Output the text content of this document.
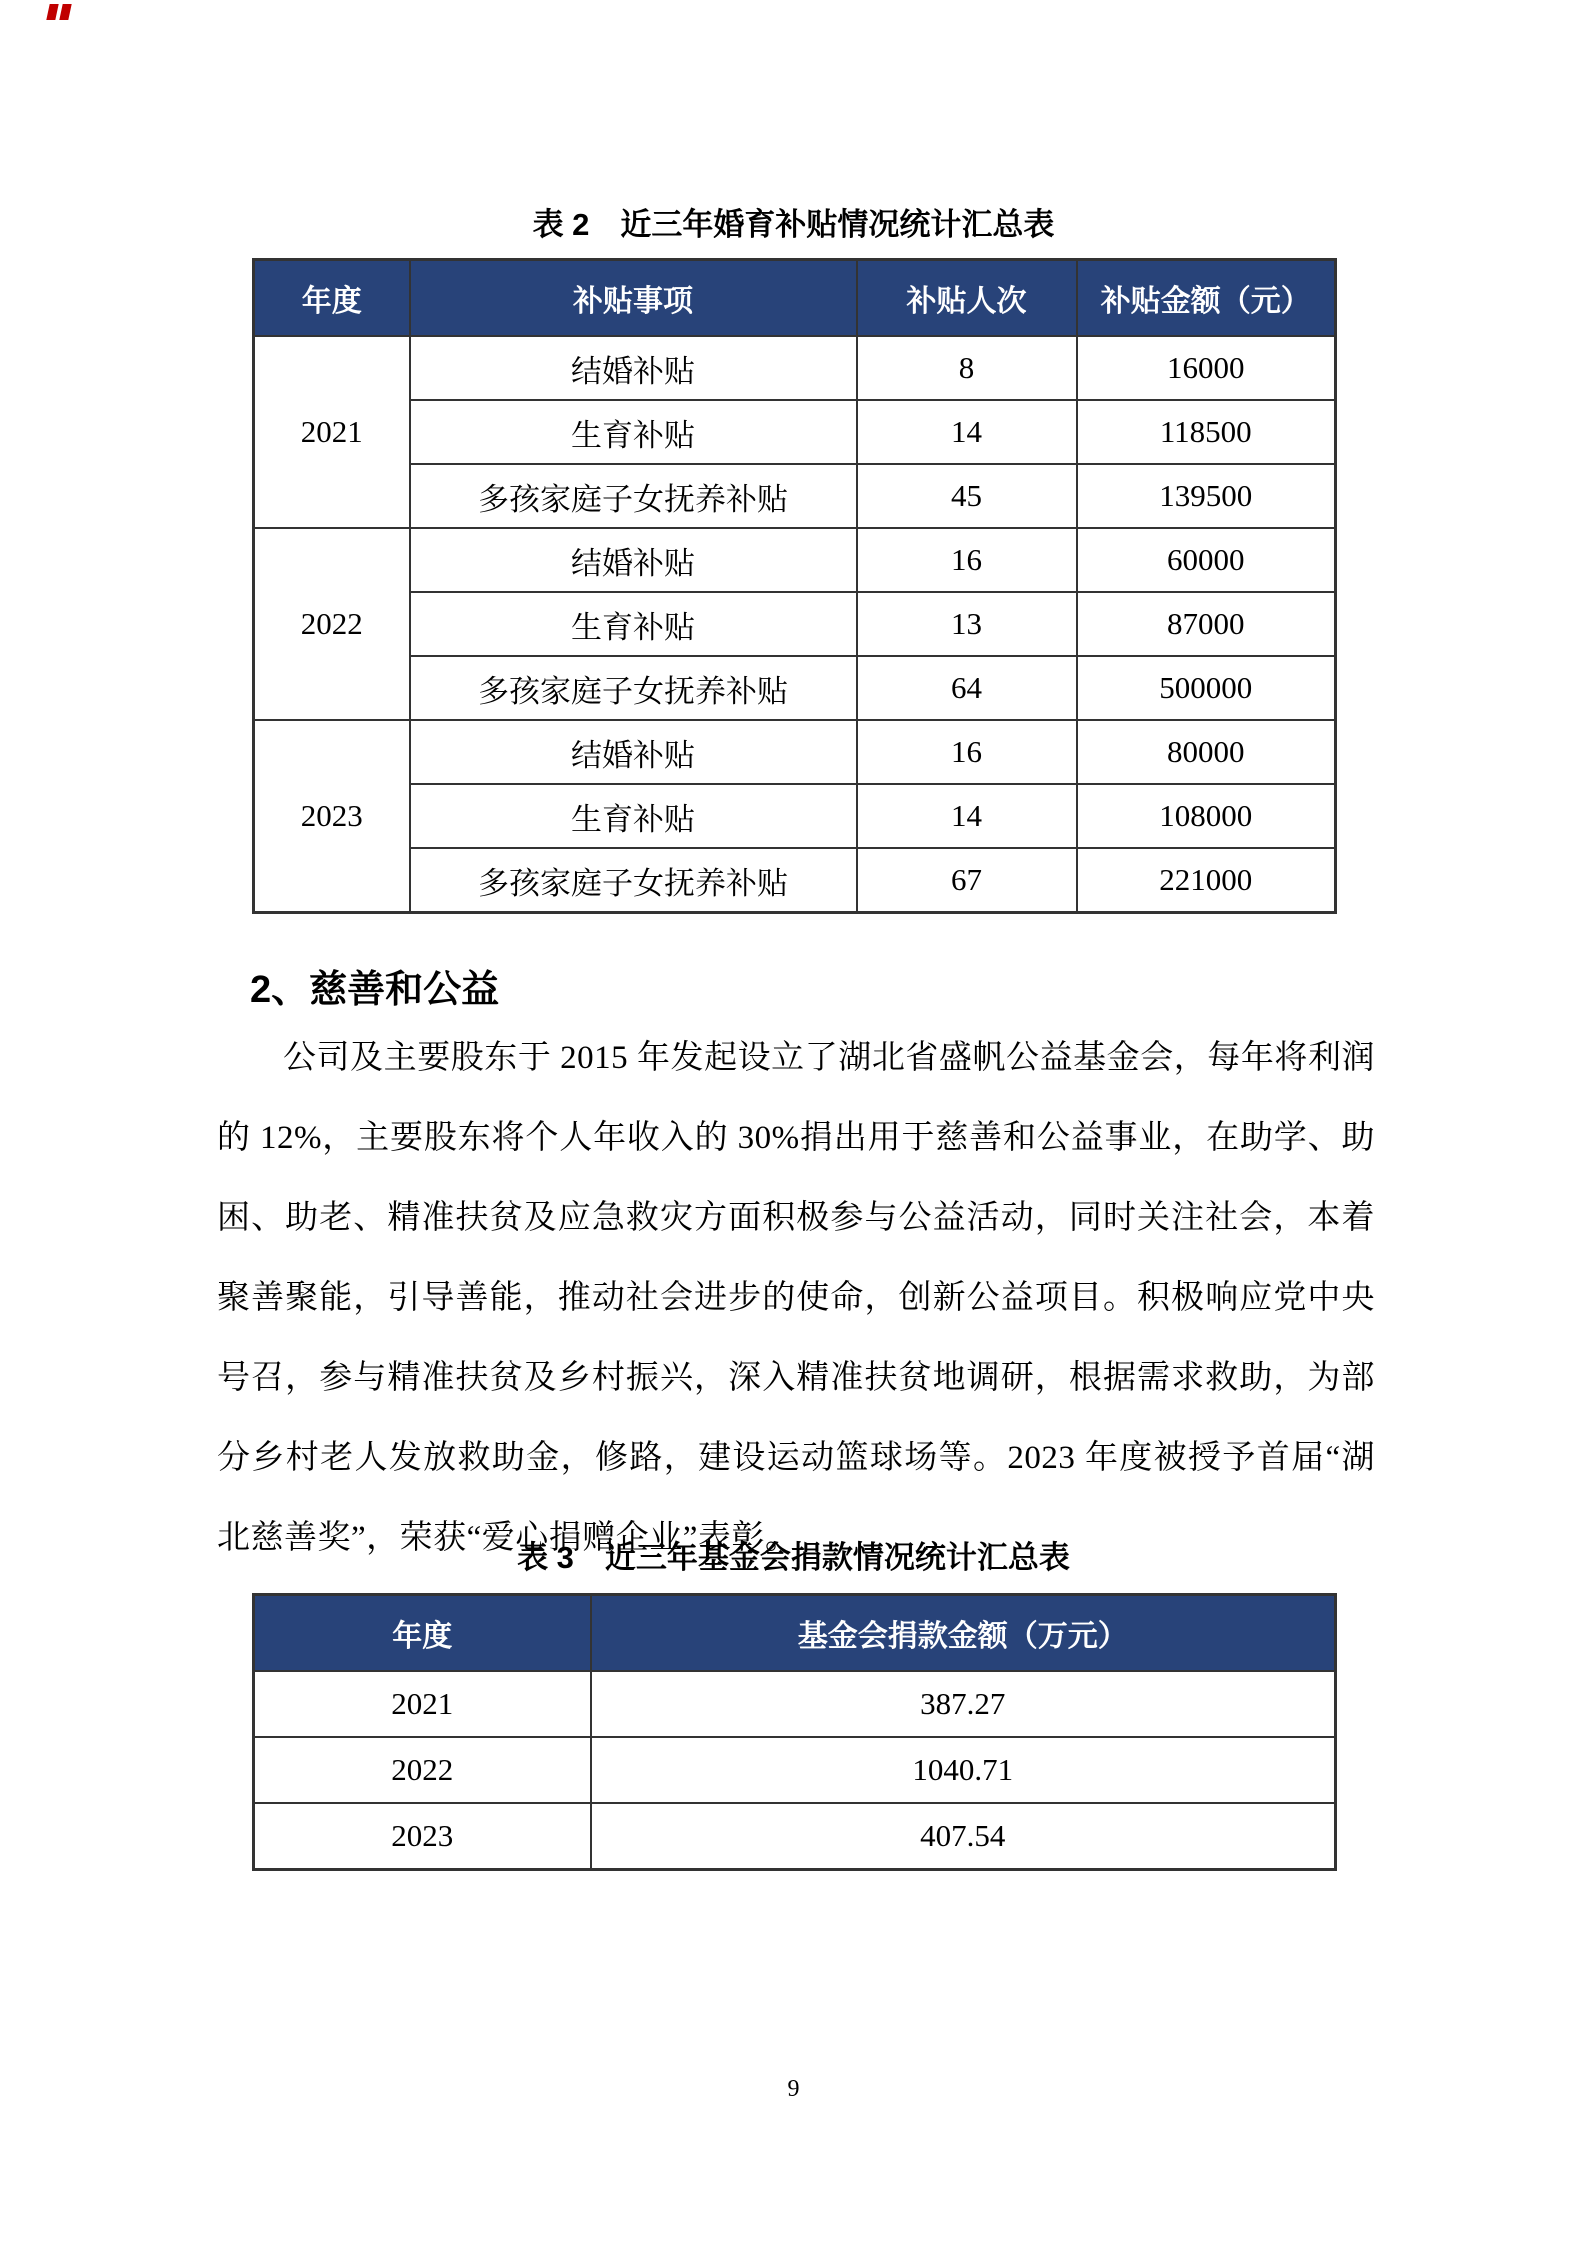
表 2　近三年婚育补贴情况统计汇总表
年度	补贴事项	补贴人次	补贴金额（元）
2021	结婚补贴	8	16000
	生育补贴	14	118500
	多孩家庭子女抚养补贴	45	139500
2022	结婚补贴	16	60000
	生育补贴	13	87000
	多孩家庭子女抚养补贴	64	500000
2023	结婚补贴	16	80000
	生育补贴	14	108000
	多孩家庭子女抚养补贴	67	221000
2、慈善和公益
公司及主要股东于 2015 年发起设立了湖北省盛帆公益基金会，每年将利润的 12%，主要股东将个人年收入的 30%捐出用于慈善和公益事业，在助学、助困、助老、精准扶贫及应急救灾方面积极参与公益活动，同时关注社会，本着聚善聚能，引导善能，推动社会进步的使命，创新公益项目。积极响应党中央号召，参与精准扶贫及乡村振兴，深入精准扶贫地调研，根据需求救助，为部分乡村老人发放救助金，修路，建设运动篮球场等。2023 年度被授予首届“湖北慈善奖”，荣获“爱心捐赠企业”表彰。
表 3　近三年基金会捐款情况统计汇总表
年度	基金会捐款金额（万元）
2021	387.27
2022	1040.71
2023	407.54
9
